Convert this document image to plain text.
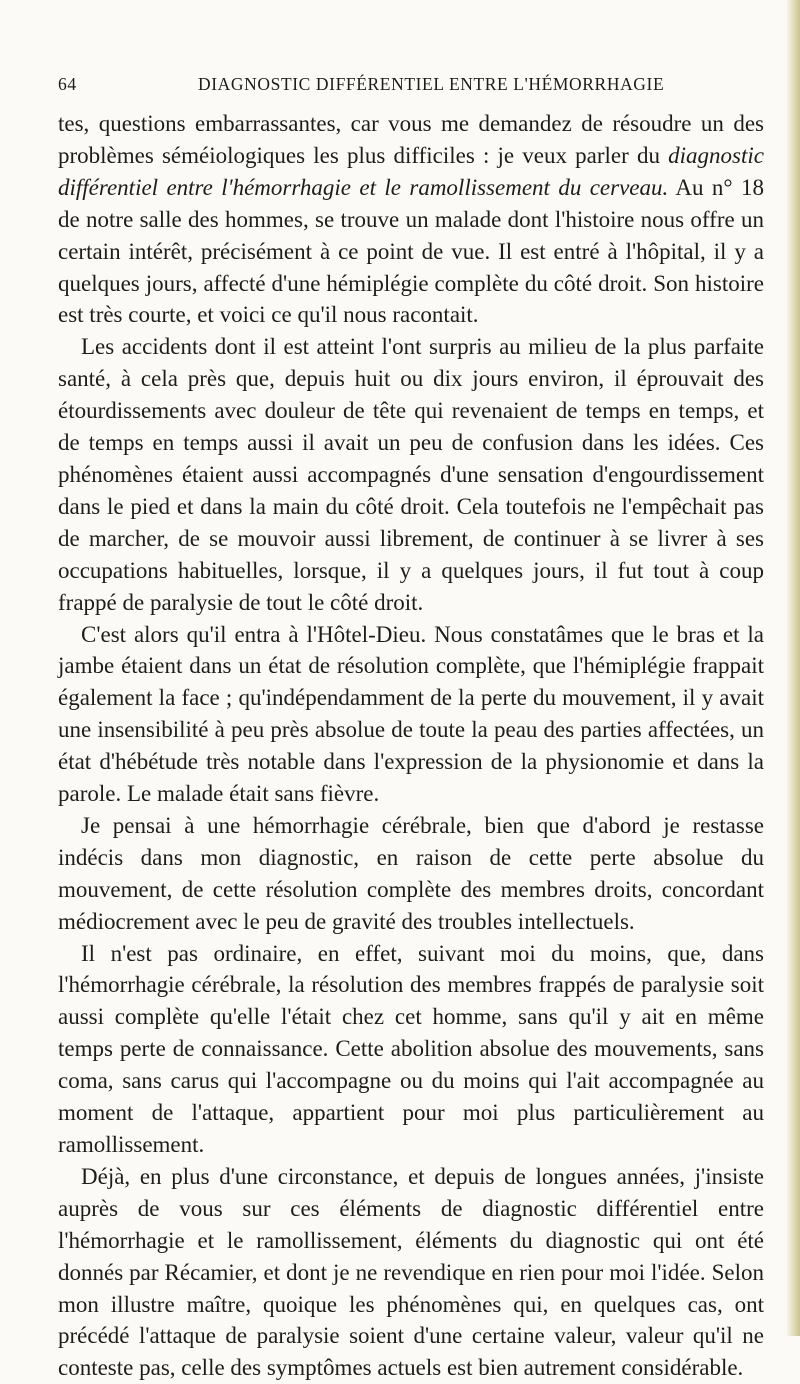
64	DIAGNOSTIC DIFFÉRENTIEL ENTRE L'HÉMORRHAGIE

tes, questions embarrassantes, car vous me demandez de résoudre un des problèmes séméiologiques les plus difficiles : je veux parler du diagnostic différentiel entre l'hémorrhagie et le ramollissement du cerveau. Au n° 18 de notre salle des hommes, se trouve un malade dont l'histoire nous offre un certain intérêt, précisément à ce point de vue. Il est entré à l'hôpital, il y a quelques jours, affecté d'une hémiplégie complète du côté droit. Son histoire est très courte, et voici ce qu'il nous racontait.

Les accidents dont il est atteint l'ont surpris au milieu de la plus parfaite santé, à cela près que, depuis huit ou dix jours environ, il éprouvait des étourdissements avec douleur de tête qui revenaient de temps en temps, et de temps en temps aussi il avait un peu de confusion dans les idées. Ces phénomènes étaient aussi accompagnés d'une sensation d'engourdissement dans le pied et dans la main du côté droit. Cela toutefois ne l'empêchait pas de marcher, de se mouvoir aussi librement, de continuer à se livrer à ses occupations habituelles, lorsque, il y a quelques jours, il fut tout à coup frappé de paralysie de tout le côté droit.

C'est alors qu'il entra à l'Hôtel-Dieu. Nous constatâmes que le bras et la jambe étaient dans un état de résolution complète, que l'hémiplégie frappait également la face ; qu'indépendamment de la perte du mouvement, il y avait une insensibilité à peu près absolue de toute la peau des parties affectées, un état d'hébétude très notable dans l'expression de la physionomie et dans la parole. Le malade était sans fièvre.

Je pensai à une hémorrhagie cérébrale, bien que d'abord je restasse indécis dans mon diagnostic, en raison de cette perte absolue du mouvement, de cette résolution complète des membres droits, concordant médiocrement avec le peu de gravité des troubles intellectuels.

Il n'est pas ordinaire, en effet, suivant moi du moins, que, dans l'hémorrhagie cérébrale, la résolution des membres frappés de paralysie soit aussi complète qu'elle l'était chez cet homme, sans qu'il y ait en même temps perte de connaissance. Cette abolition absolue des mouvements, sans coma, sans carus qui l'accompagne ou du moins qui l'ait accompagnée au moment de l'attaque, appartient pour moi plus particulièrement au ramollissement.

Déjà, en plus d'une circonstance, et depuis de longues années, j'insiste auprès de vous sur ces éléments de diagnostic différentiel entre l'hémorrhagie et le ramollissement, éléments du diagnostic qui ont été donnés par Récamier, et dont je ne revendique en rien pour moi l'idée. Selon mon illustre maître, quoique les phénomènes qui, en quelques cas, ont précédé l'attaque de paralysie soient d'une certaine valeur, valeur qu'il ne conteste pas, celle des symptômes actuels est bien autrement considérable.
